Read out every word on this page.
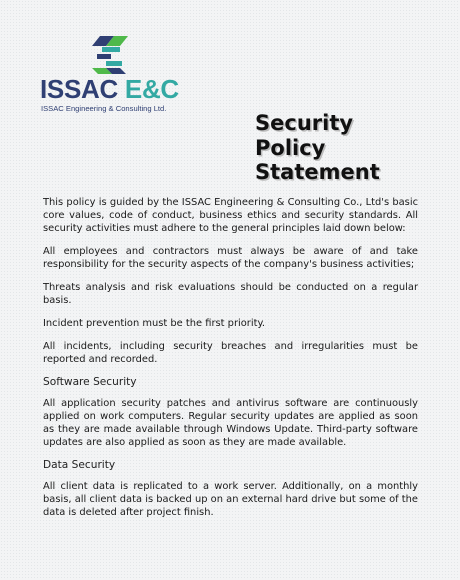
ISSAC E&C
ISSAC Engineering & Consulting Ltd.
Security
Policy
Statement

This policy is guided by the ISSAC Engineering & Consulting Co., Ltd's basic core values, code of conduct, business ethics and security standards. All security activities must adhere to the general principles laid down below:

All employees and contractors must always be aware of and take responsibility for the security aspects of the company's business activities;

Threats analysis and risk evaluations should be conducted on a regular basis.

Incident prevention must be the first priority.

All incidents, including security breaches and irregularities must be reported and recorded.

Software Security

All application security patches and antivirus software are continuously applied on work computers. Regular security updates are applied as soon as they are made available through Windows Update. Third-party software updates are also applied as soon as they are made available.

Data Security

All client data is replicated to a work server. Additionally, on a monthly basis, all client data is backed up on an external hard drive but some of the data is deleted after project finish.
